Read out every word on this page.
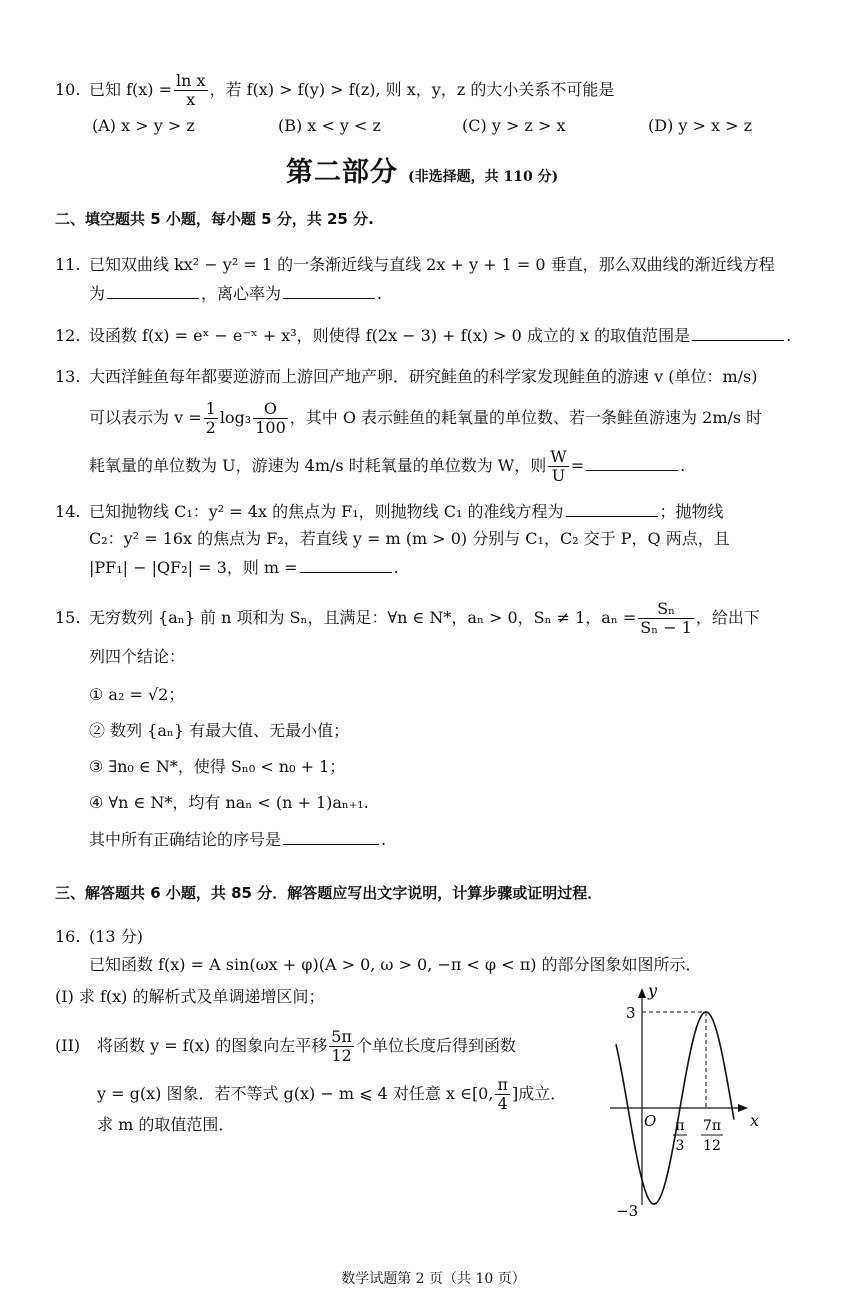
10. 已知 $f(x) = \frac{\text{ln x}}{x}$ ，若 f(x) > f(y) > f(z), 则 x，y，z 的大小关系不可能是
(A) x > y > z	(B) x < y < z	(C) y > z > x	(D) y > x > z
第二部分 (非选择题，共 110 分)
二、填空题共 5 小题，每小题 5 分，共 25 分.
11. 已知双曲线 kx² − y² = 1 的一条渐近线与直线 2x + y + 1 = 0 垂直，那么双曲线的渐近线方程
为	，离心率为	.
12. 设函数 f(x) = eˣ − e⁻ˣ + x³，则使得 f(2x − 3) + f(x) > 0 成立的 x 的取值范围是	.
13. 大西洋鲑鱼每年都要逆游而上游回产地产卵．研究鲑鱼的科学家发现鲑鱼的游速 v (单位：m/s)
可以表示为 $v = \frac{1}{2} \log_3 \frac{O}{100}$ ，其中 O 表示鲑鱼的耗氧量的单位数、若一条鲑鱼游速为 2m/s 时
耗氧量的单位数为 U，游速为 4m/s 时耗氧量的单位数为 W，则 $\frac{W}{U}$ =	.
14. 已知抛物线 C₁：y² = 4x 的焦点为 F₁，则抛物线 C₁ 的准线方程为	；抛物线
C₂：y² = 16x 的焦点为 F₂，若直线 y = m (m > 0) 分别与 C₁，C₂ 交于 P，Q 两点，且
|PF₁| − |QF₂| = 3，则 m =	.
15. 无穷数列 {aₙ} 前 n 项和为 Sₙ，且满足：∀n ∈ N*，aₙ > 0，Sₙ ≠ 1，$a_n = \frac{\text{Sₙ}}{\text{Sₙ − 1}}$ ，给出下
列四个结论：
① a₂ = √2；
② 数列 {aₙ} 有最大值、无最小值；
③ ∃n₀ ∈ N*，使得 Sₙ₀ < n₀ + 1；
④ ∀n ∈ N*，均有 naₙ < (n + 1)aₙ₊₁.
其中所有正确结论的序号是	.
三、解答题共 6 小题，共 85 分．解答题应写出文字说明，计算步骤或证明过程．
16. (13 分)
已知函数 f(x) = A sin(ωx + φ)(A > 0, ω > 0, −π < φ < π) 的部分图象如图所示．
(I) 求 f(x) 的解析式及单调递增区间；
(II) 将函数 y = f(x) 的图象向左平移 $\frac{5\pi}{12}$ 个单位长度后得到函数
y = g(x) 图象．若不等式 g(x) − m ⩽ 4 对任意 x ∈[0, $\frac{\pi}{4}$ ]成立．
求 m 的取值范围．
y
x
O
3
−3
π
3
7π
12
数学试题第 2 页（共 10 页）
